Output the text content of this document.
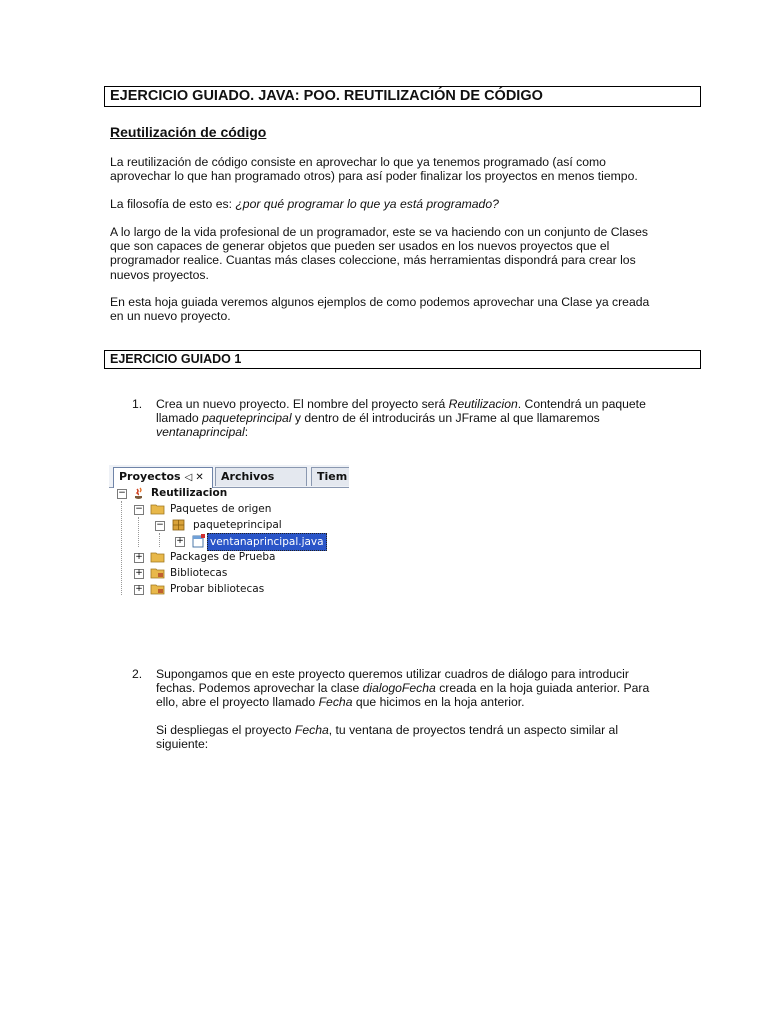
EJERCICIO GUIADO. JAVA: POO. REUTILIZACIÓN DE CÓDIGO
Reutilización de código

La reutilización de código consiste en aprovechar lo que ya tenemos programado (así como
aprovechar lo que han programado otros) para así poder finalizar los proyectos en menos tiempo.

La filosofía de esto es: ¿por qué programar lo que ya está programado?

A lo largo de la vida profesional de un programador, este se va haciendo con un conjunto de Clases
que son capaces de generar objetos que pueden ser usados en los nuevos proyectos que el
programador realice. Cuantas más clases coleccione, más herramientas dispondrá para crear los
nuevos proyectos.

En esta hoja guiada veremos algunos ejemplos de como podemos aprovechar una Clase ya creada
en un nuevo proyecto.

EJERCICIO GUIADO 1
1. Crea un nuevo proyecto. El nombre del proyecto será Reutilizacion. Contendrá un paquete
llamado paqueteprincipal y dentro de él introducirás un JFrame al que llamaremos
ventanaprincipal:
Proyectos ◁ ✕	Archivos	Tiem
− Reutilizacion
−	Paquetes de origen
−	paqueteprincipal
+ ventanaprincipal.java
+	Packages de Prueba
+	Bibliotecas
+	Probar bibliotecas
2. Supongamos que en este proyecto queremos utilizar cuadros de diálogo para introducir
fechas. Podemos aprovechar la clase dialogoFecha creada en la hoja guiada anterior. Para
ello, abre el proyecto llamado Fecha que hicimos en la hoja anterior.
Si despliegas el proyecto Fecha, tu ventana de proyectos tendrá un aspecto similar al
siguiente:
